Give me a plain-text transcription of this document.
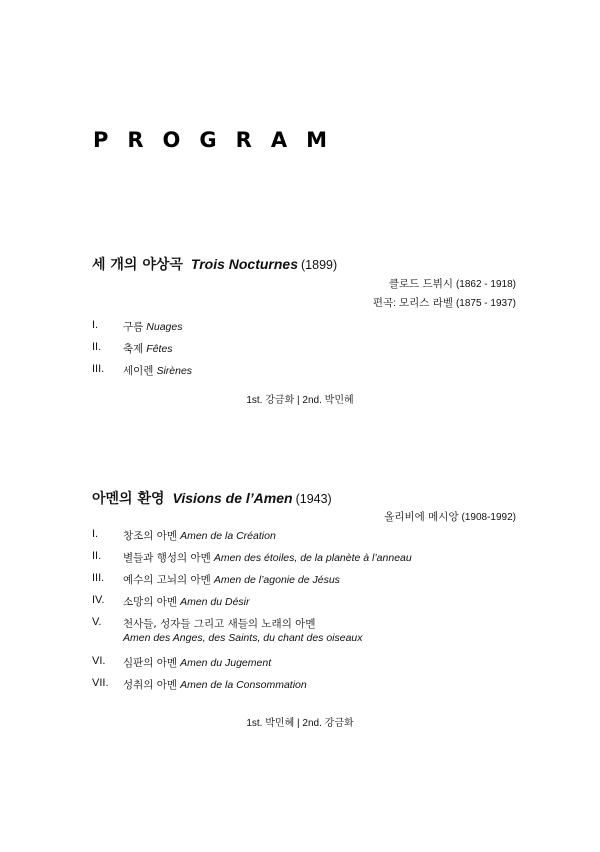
PROGRAM
세 개의 야상곡 Trois Nocturnes (1899)
클로드 드뷔시 (1862 - 1918)
편곡: 모리스 라벨 (1875 - 1937)
I. 구름 Nuages
II. 축제 Fêtes
III. 세이렌 Sirènes
1st. 강금화 | 2nd. 박민혜
아멘의 환영 Visions de l’Amen (1943)
올리비에 메시앙 (1908-1992)
I. 창조의 아멘 Amen de la Création
II. 별들과 행성의 아멘 Amen des étoiles, de la planète à l’anneau
III. 예수의 고뇌의 아멘 Amen de l’agonie de Jésus
IV. 소망의 아멘 Amen du Désir
V. 천사들, 성자들 그리고 새들의 노래의 아멘
Amen des Anges, des Saints, du chant des oiseaux
VI. 심판의 아멘 Amen du Jugement
VII. 성취의 아멘 Amen de la Consommation
1st. 박민혜 | 2nd. 강금화
